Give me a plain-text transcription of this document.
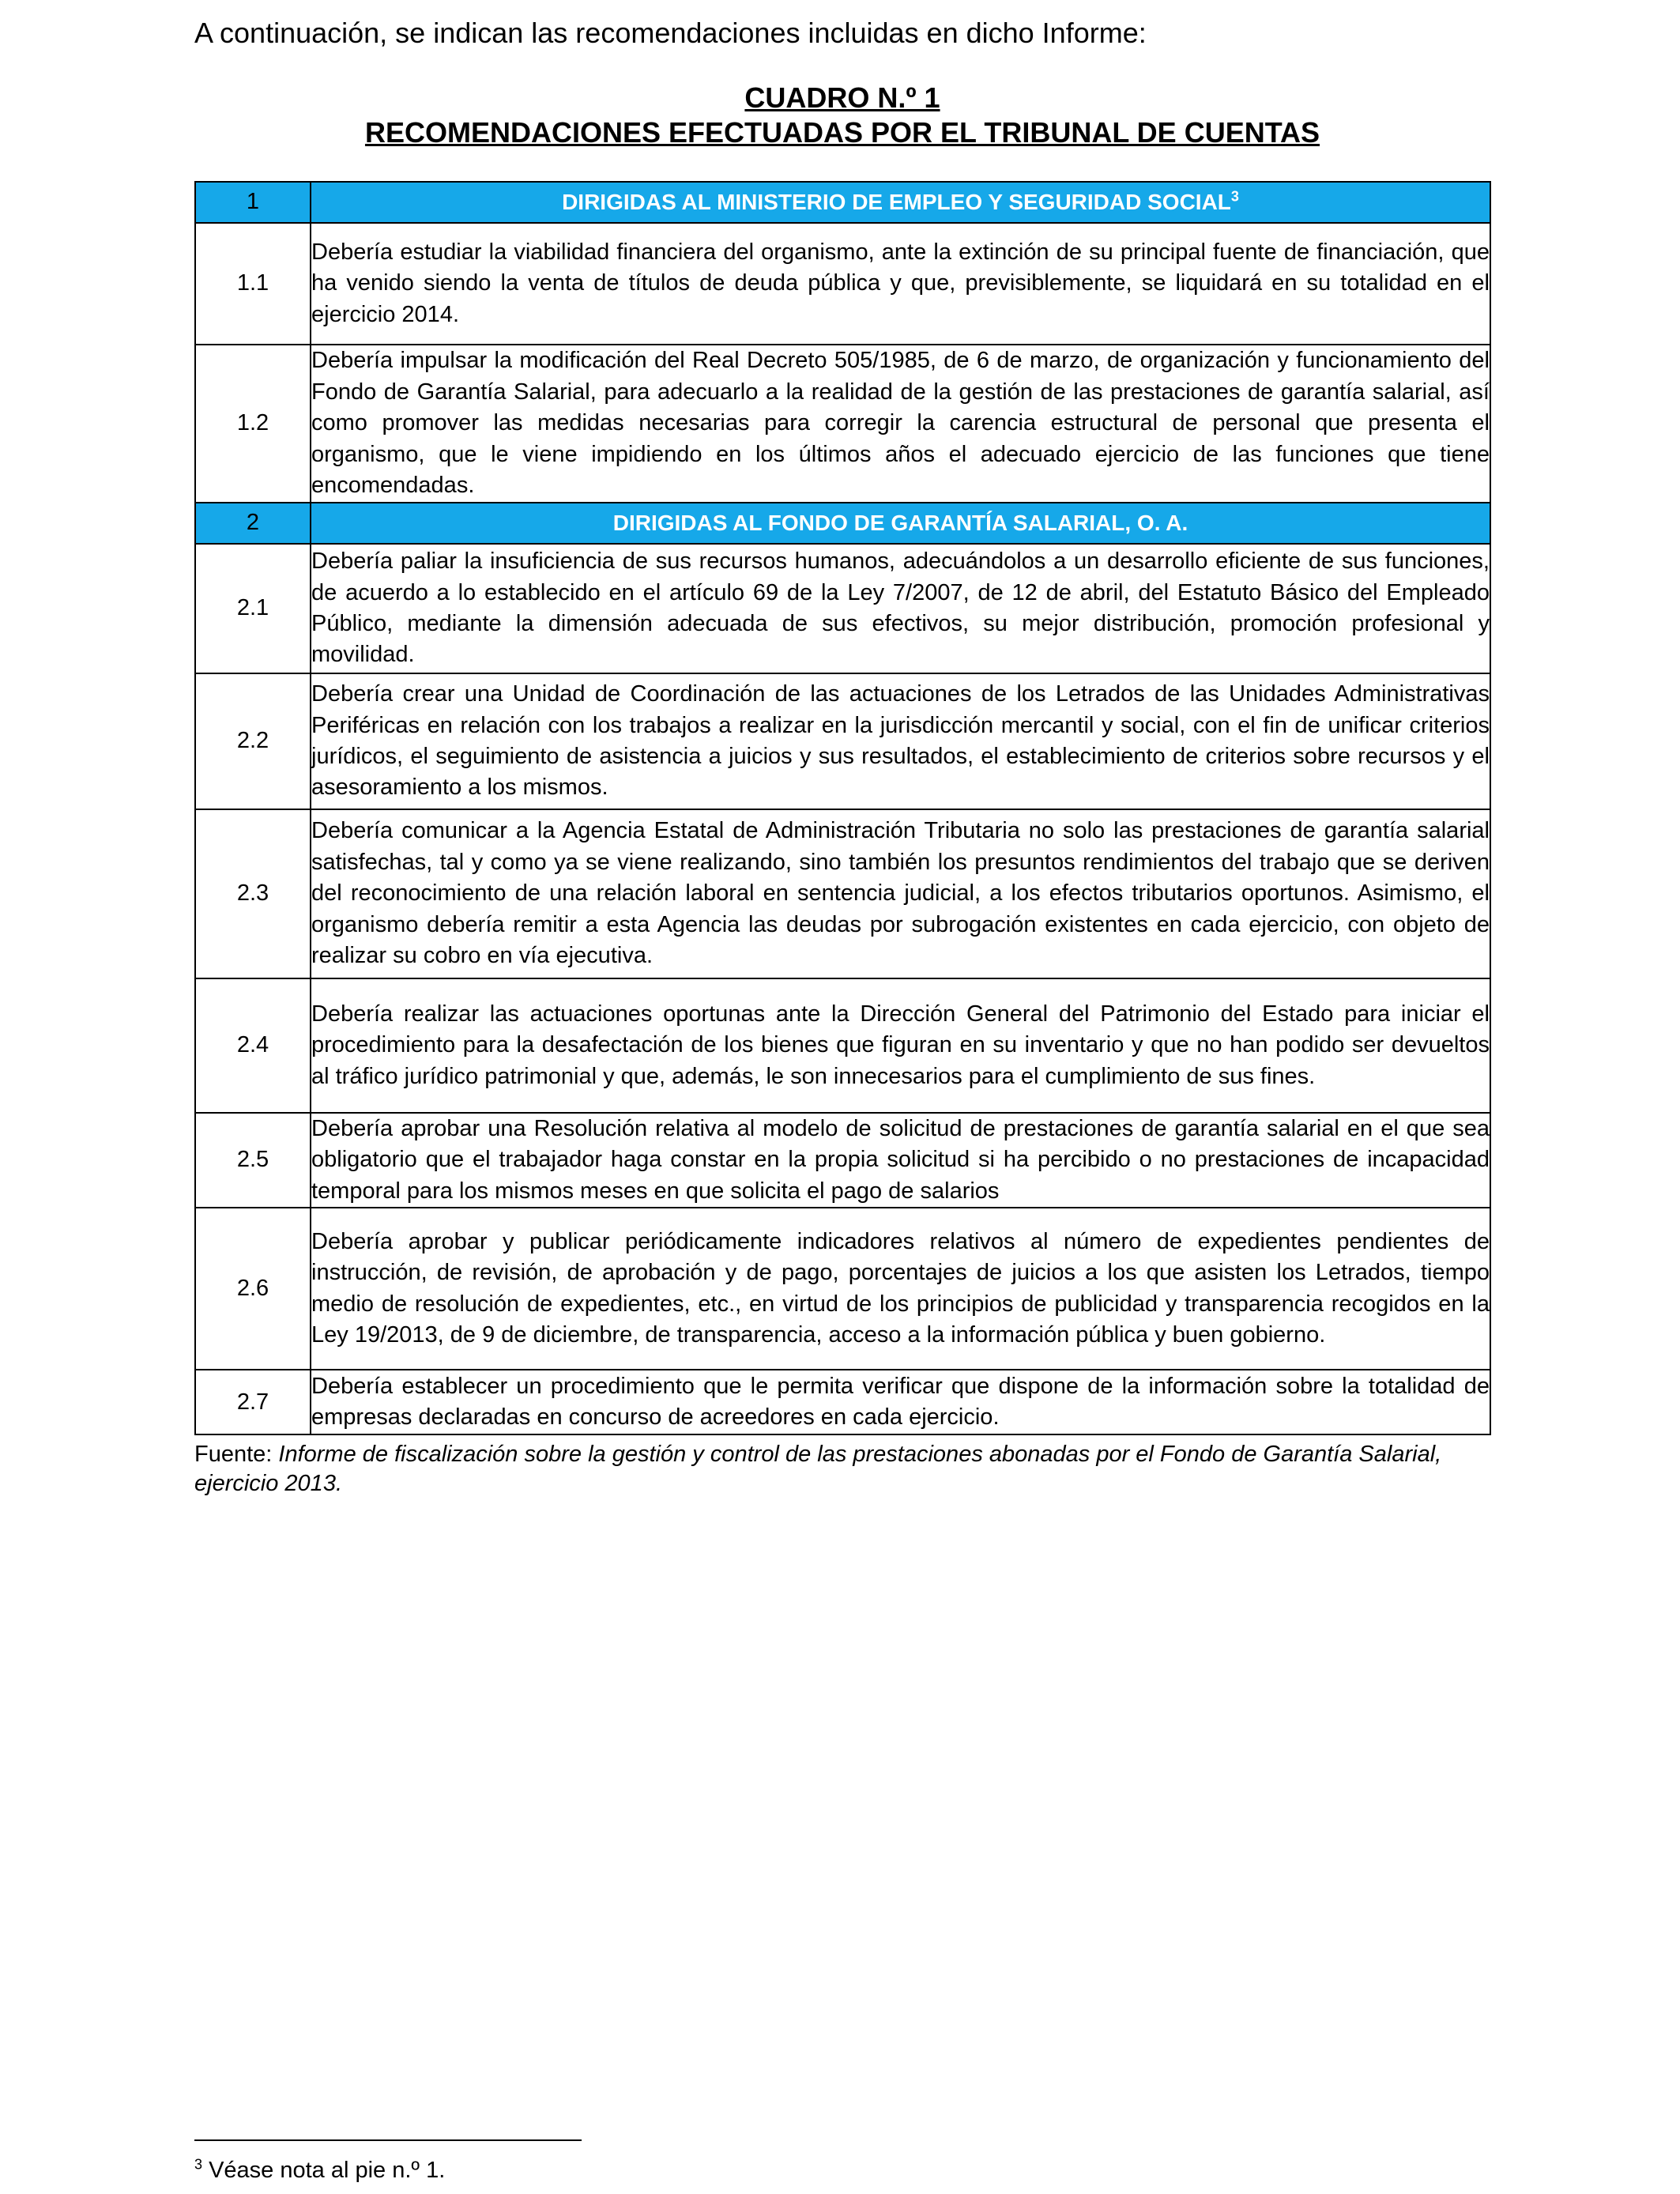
A continuación, se indican las recomendaciones incluidas en dicho Informe:
CUADRO N.º 1
RECOMENDACIONES EFECTUADAS POR EL TRIBUNAL DE CUENTAS
1	DIRIGIDAS AL MINISTERIO DE EMPLEO Y SEGURIDAD SOCIAL$^3$
1.1	Debería estudiar la viabilidad financiera del organismo, ante la extinción de su principal fuente de financiación, que ha venido siendo la venta de títulos de deuda pública y que, previsiblemente, se liquidará en su totalidad en el ejercicio 2014.
1.2	Debería impulsar la modificación del Real Decreto 505/1985, de 6 de marzo, de organización y funcionamiento del Fondo de Garantía Salarial, para adecuarlo a la realidad de la gestión de las prestaciones de garantía salarial, así como promover las medidas necesarias para corregir la carencia estructural de personal que presenta el organismo, que le viene impidiendo en los últimos años el adecuado ejercicio de las funciones que tiene encomendadas.
2	DIRIGIDAS AL FONDO DE GARANTÍA SALARIAL, O. A.
2.1	Debería paliar la insuficiencia de sus recursos humanos, adecuándolos a un desarrollo eficiente de sus funciones, de acuerdo a lo establecido en el artículo 69 de la Ley 7/2007, de 12 de abril, del Estatuto Básico del Empleado Público, mediante la dimensión adecuada de sus efectivos, su mejor distribución, promoción profesional y movilidad.
2.2	Debería crear una Unidad de Coordinación de las actuaciones de los Letrados de las Unidades Administrativas Periféricas en relación con los trabajos a realizar en la jurisdicción mercantil y social, con el fin de unificar criterios jurídicos, el seguimiento de asistencia a juicios y sus resultados, el establecimiento de criterios sobre recursos y el asesoramiento a los mismos.
2.3	Debería comunicar a la Agencia Estatal de Administración Tributaria no solo las prestaciones de garantía salarial satisfechas, tal y como ya se viene realizando, sino también los presuntos rendimientos del trabajo que se deriven del reconocimiento de una relación laboral en sentencia judicial, a los efectos tributarios oportunos. Asimismo, el organismo debería remitir a esta Agencia las deudas por subrogación existentes en cada ejercicio, con objeto de realizar su cobro en vía ejecutiva.
2.4	Debería realizar las actuaciones oportunas ante la Dirección General del Patrimonio del Estado para iniciar el procedimiento para la desafectación de los bienes que figuran en su inventario y que no han podido ser devueltos al tráfico jurídico patrimonial y que, además, le son innecesarios para el cumplimiento de sus fines.
2.5	Debería aprobar una Resolución relativa al modelo de solicitud de prestaciones de garantía salarial en el que sea obligatorio que el trabajador haga constar en la propia solicitud si ha percibido o no prestaciones de incapacidad temporal para los mismos meses en que solicita el pago de salarios
2.6	Debería aprobar y publicar periódicamente indicadores relativos al número de expedientes pendientes de instrucción, de revisión, de aprobación y de pago, porcentajes de juicios a los que asisten los Letrados, tiempo medio de resolución de expedientes, etc., en virtud de los principios de publicidad y transparencia recogidos en la Ley 19/2013, de 9 de diciembre, de transparencia, acceso a la información pública y buen gobierno.
2.7	Debería establecer un procedimiento que le permita verificar que dispone de la información sobre la totalidad de empresas declaradas en concurso de acreedores en cada ejercicio.
Fuente: Informe de fiscalización sobre la gestión y control de las prestaciones abonadas por el Fondo de Garantía Salarial, ejercicio 2013.
$^3$ Véase nota al pie n.º 1.
